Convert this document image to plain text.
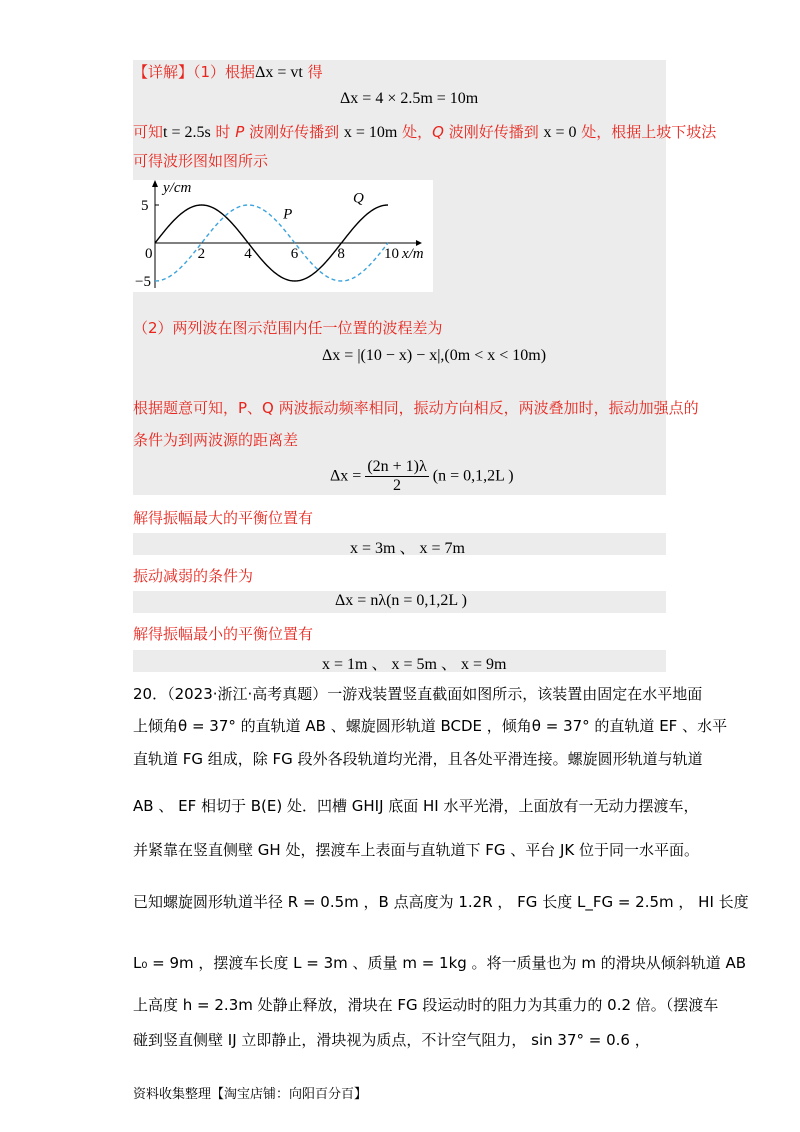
【详解】（1）根据Δx = vt 得
Δx = 4 × 2.5m = 10m
可知t = 2.5s 时 P 波刚好传播到 x = 10m 处，Q 波刚好传播到 x = 0 处，根据上坡下坡法
可得波形图如图所示
0	2	4	6	8	10
5
−5
x/m
y/cm
P
Q
（2）两列波在图示范围内任一位置的波程差为
Δx = |(10 − x) − x|,(0m < x < 10m)
根据题意可知，P、Q 两波振动频率相同，振动方向相反，两波叠加时，振动加强点的
条件为到两波源的距离差
$\Delta x = \frac{(2n + 1)\lambda}{2} (n = 0,1,2L$ )
解得振幅最大的平衡位置有
x = 3m 、 x = 7m
振动减弱的条件为
Δx = nλ(n = 0,1,2L )
解得振幅最小的平衡位置有
x = 1m 、 x = 5m 、 x = 9m
20．（2023·浙江·高考真题）一游戏装置竖直截面如图所示，该装置由固定在水平地面
上倾角θ = 37° 的直轨道 AB 、螺旋圆形轨道 BCDE ，倾角θ = 37° 的直轨道 EF 、水平
直轨道 FG 组成，除 FG 段外各段轨道均光滑，且各处平滑连接。螺旋圆形轨道与轨道
AB 、 EF 相切于 B(E) 处．凹槽 GHIJ 底面 HI 水平光滑，上面放有一无动力摆渡车，
并紧靠在竖直侧壁 GH 处，摆渡车上表面与直轨道下 FG 、平台 JK 位于同一水平面。
已知螺旋圆形轨道半径 R = 0.5m ，B 点高度为 1.2R ， FG 长度 L_FG = 2.5m ， HI 长度
L₀ = 9m ，摆渡车长度 L = 3m 、质量 m = 1kg 。将一质量也为 m 的滑块从倾斜轨道 AB
上高度 h = 2.3m 处静止释放，滑块在 FG 段运动时的阻力为其重力的 0.2 倍。（摆渡车
碰到竖直侧壁 IJ 立即静止，滑块视为质点，不计空气阻力， sin 37° = 0.6 ，
资料收集整理【淘宝店铺：向阳百分百】
